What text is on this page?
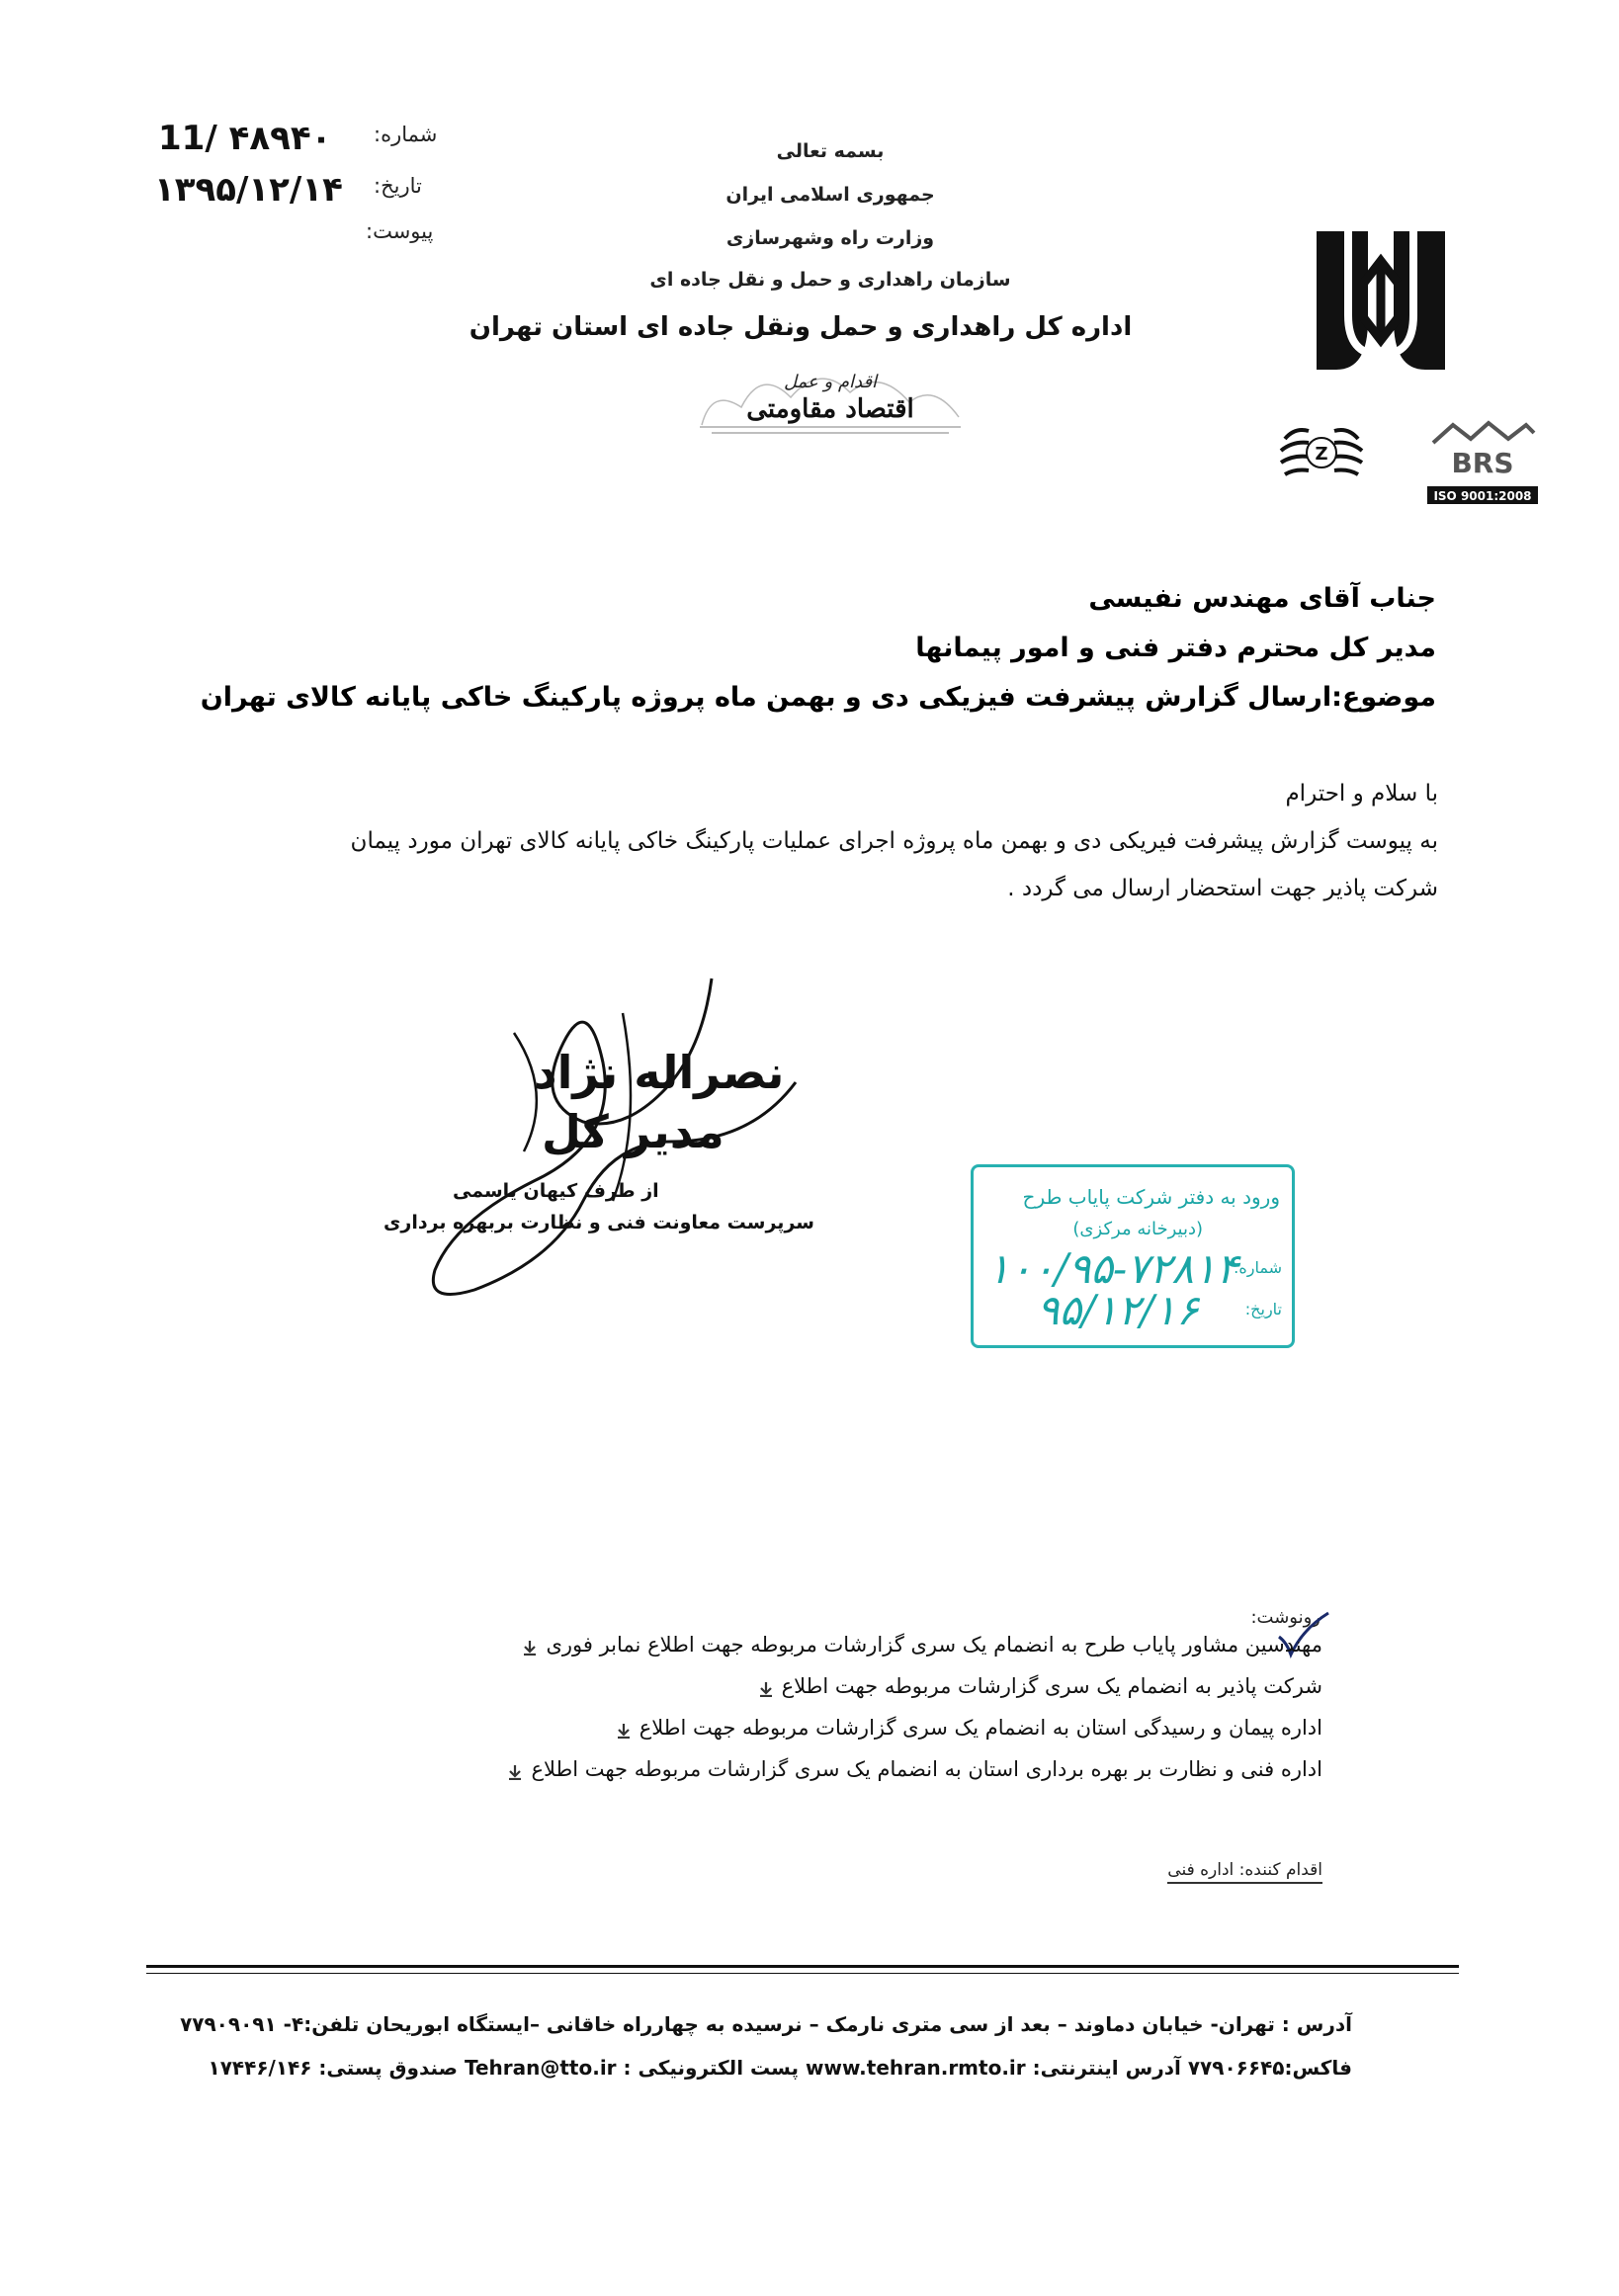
11/ ۴۸۹۴۰ شماره:
۱۳۹۵/۱۲/۱۴ تاریخ:
پیوست:
بسمه تعالی
جمهوری اسلامی ایران
وزارت راه وشهرسازی
سازمان راهداری و حمل و نقل جاده ای
اداره کل راهداری و حمل ونقل جاده ای استان تهران
اقتصاد مقاومتی
اقدام و عمل
Z	BRS
ISO 9001:2008
جناب آقای مهندس نفیسی
مدیر کل محترم دفتر فنی و امور پیمانها
موضوع:ارسال گزارش پیشرفت فیزیکی دی و بهمن ماه پروژه پارکینگ خاکی پایانه کالای تهران
با سلام و احترام
به پیوست گزارش پیشرفت فیریکی دی و بهمن ماه پروژه اجرای عملیات پارکینگ خاکی پایانه کالای تهران مورد پیمان
شرکت پاذیر جهت استحضار ارسال می گردد .
نصراله نژاد
مدیر کل
از طرف کیهان یاسمی
سرپرست معاونت فنی و نظارت بربهره برداری
ورود به دفتر شرکت پایاب طرح
(دبیرخانه مرکزی)
شماره:
۱۰۰/۹۵-۷۲۸۱۴
تاریخ:
۹۵/۱۲/۱۶
رونوشت:
مهندسین مشاور پایاب طرح به انضمام یک سری گزارشات مربوطه جهت اطلاع نمابر فوری
شرکت پاذیر به انضمام یک سری گزارشات مربوطه جهت اطلاع
اداره پیمان و رسیدگی استان به انضمام یک سری گزارشات مربوطه جهت اطلاع
اداره فنی و نظارت بر بهره برداری استان به انضمام یک سری گزارشات مربوطه جهت اطلاع
اقدام کننده: اداره فنی
آدرس : تهران- خیابان دماوند – بعد از سی متری نارمک – نرسیده به چهارراه خاقانی –ایستگاه ابوریحان تلفن:۴- ۷۷۹۰۹۰۹۱
فاکس:۷۷۹۰۶۶۴۵ آدرس اینترنتی: www.tehran.rmto.ir پست الکترونیکی : Tehran@tto.ir صندوق پستی: ۱۷۴۴۶/۱۴۶
